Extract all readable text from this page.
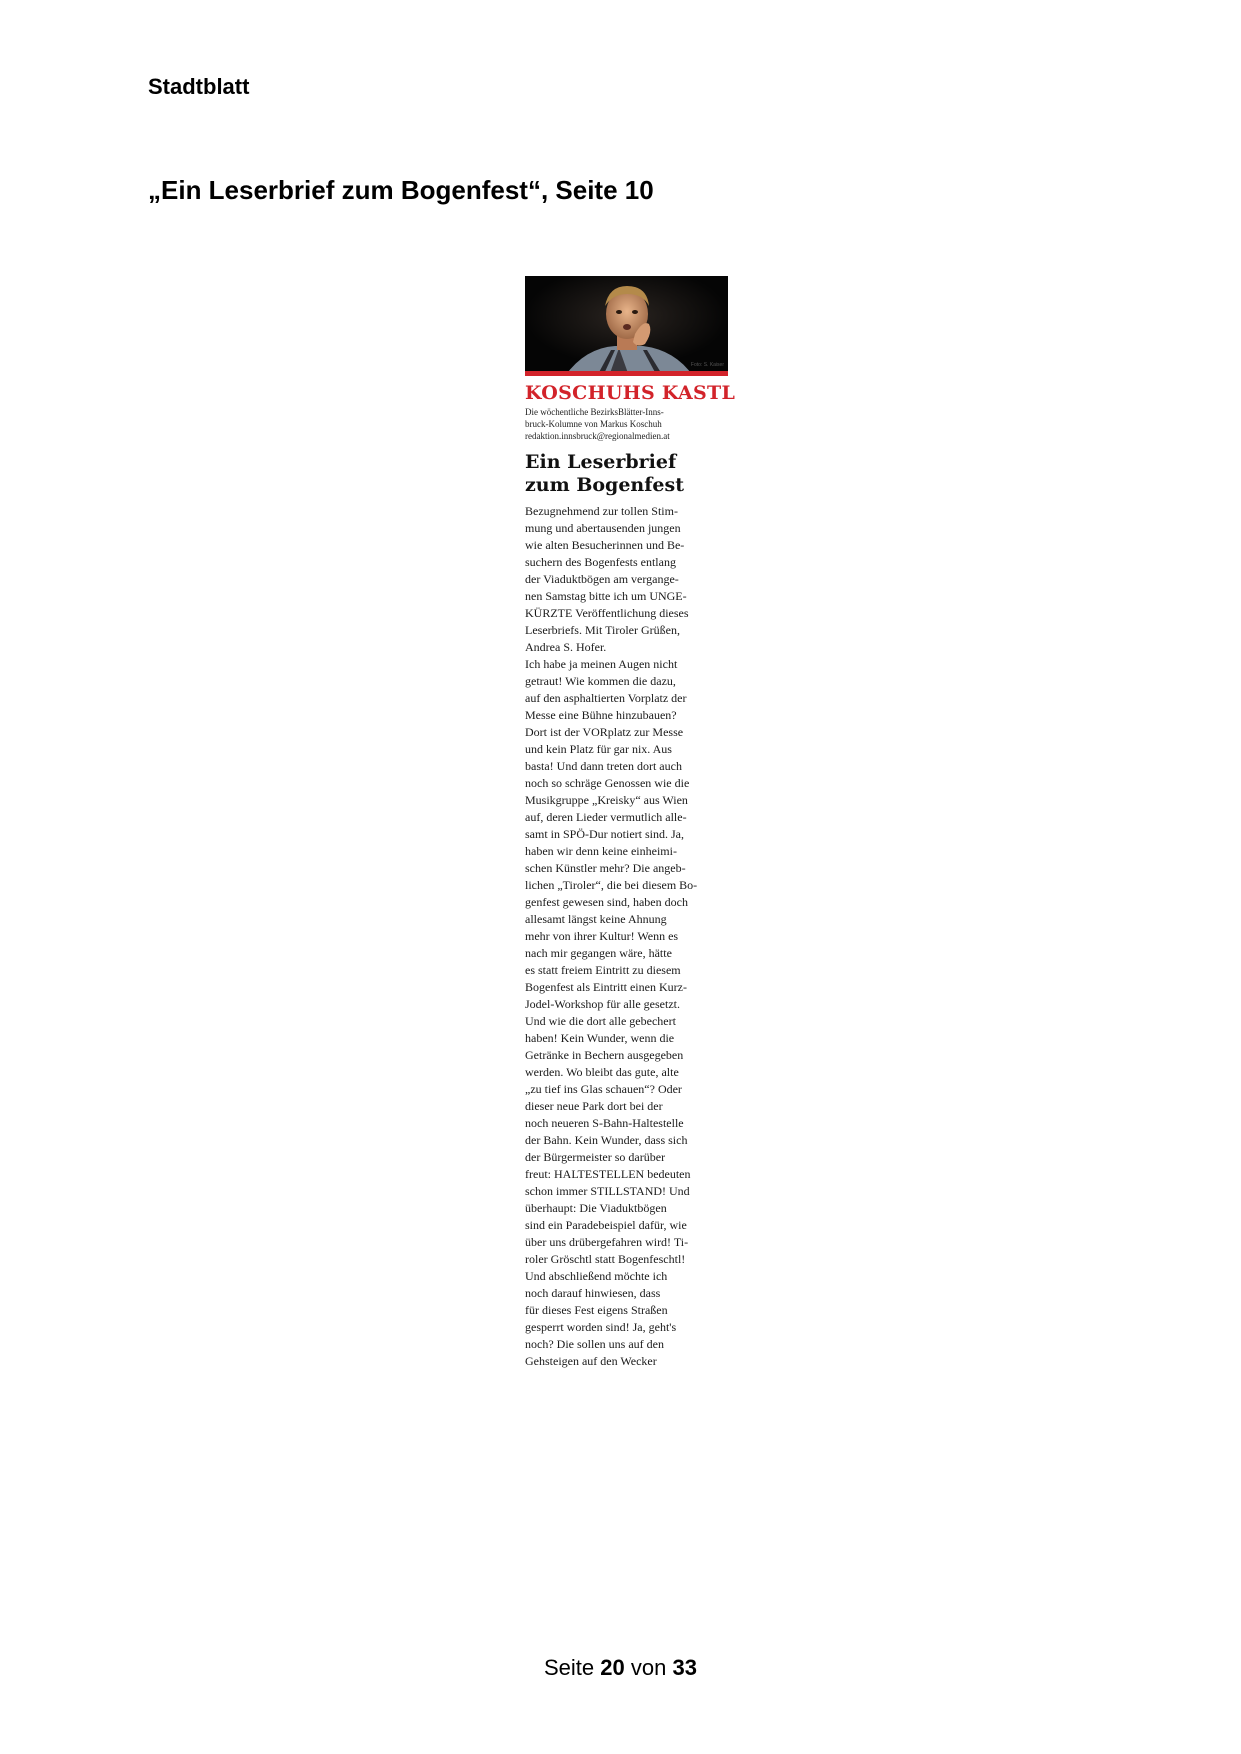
Stadtblatt
„Ein Leserbrief zum Bogenfest“, Seite 10
Foto: S. Kaiser
KOSCHUHS KASTL
Die wöchentliche BezirksBlätter-Inns-
bruck-Kolumne von Markus Koschuh
redaktion.innsbruck@regionalmedien.at
Ein Leserbrief
zum Bogenfest
Bezugnehmend zur tollen Stim-
mung und abertausenden jungen
wie alten Besucherinnen und Be-
suchern des Bogenfests entlang
der Viaduktbögen am vergange-
nen Samstag bitte ich um UNGE-
KÜRZTE Veröffentlichung dieses
Leserbriefs. Mit Tiroler Grüßen,
Andrea S. Hofer.
Ich habe ja meinen Augen nicht
getraut! Wie kommen die dazu,
auf den asphaltierten Vorplatz der
Messe eine Bühne hinzubauen?
Dort ist der VORplatz zur Messe
und kein Platz für gar nix. Aus
basta! Und dann treten dort auch
noch so schräge Genossen wie die
Musikgruppe „Kreisky“ aus Wien
auf, deren Lieder vermutlich alle-
samt in SPÖ-Dur notiert sind. Ja,
haben wir denn keine einheimi-
schen Künstler mehr? Die angeb-
lichen „Tiroler“, die bei diesem Bo-
genfest gewesen sind, haben doch
allesamt längst keine Ahnung
mehr von ihrer Kultur! Wenn es
nach mir gegangen wäre, hätte
es statt freiem Eintritt zu diesem
Bogenfest als Eintritt einen Kurz-
Jodel-Workshop für alle gesetzt.
Und wie die dort alle gebechert
haben! Kein Wunder, wenn die
Getränke in Bechern ausgegeben
werden. Wo bleibt das gute, alte
„zu tief ins Glas schauen“? Oder
dieser neue Park dort bei der
noch neueren S-Bahn-Haltestelle
der Bahn. Kein Wunder, dass sich
der Bürgermeister so darüber
freut: HALTESTELLEN bedeuten
schon immer STILLSTAND! Und
überhaupt: Die Viaduktbögen
sind ein Paradebeispiel dafür, wie
über uns drübergefahren wird! Ti-
roler Gröschtl statt Bogenfeschtl!
Und abschließend möchte ich
noch darauf hinwiesen, dass
für dieses Fest eigens Straßen
gesperrt worden sind! Ja, geht's
noch? Die sollen uns auf den
Gehsteigen auf den Wecker
Seite 20 von 33
